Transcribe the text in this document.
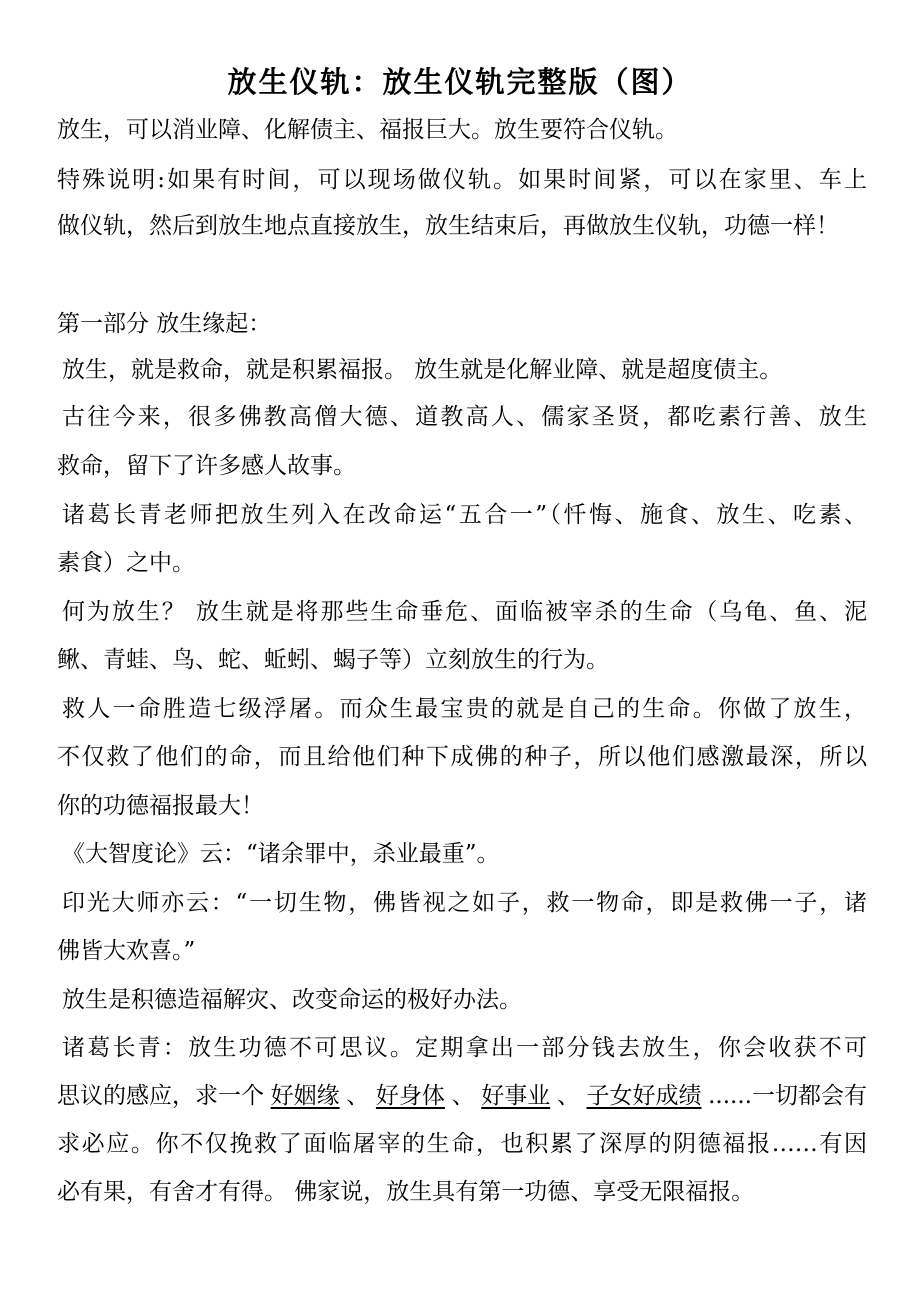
放生仪轨：放生仪轨完整版（图）
放生，可以消业障、化解债主、福报巨大。放生要符合仪轨。
特殊说明:如果有时间，可以现场做仪轨。如果时间紧，可以在家里、车上
做仪轨，然后到放生地点直接放生，放生结束后，再做放生仪轨，功德一样！
第一部分 放生缘起：
放生，就是救命，就是积累福报。 放生就是化解业障、就是超度债主。
古往今来，很多佛教高僧大德、道教高人、儒家圣贤，都吃素行善、放生
救命，留下了许多感人故事。
诸葛长青老师把放生列入在改命运“五合一”（忏悔、施食、放生、吃素、
素食）之中。
何为放生？ 放生就是将那些生命垂危、面临被宰杀的生命（乌龟、鱼、泥
鳅、青蛙、鸟、蛇、蚯蚓、蝎子等）立刻放生的行为。
救人一命胜造七级浮屠。而众生最宝贵的就是自己的生命。你做了放生，
不仅救了他们的命，而且给他们种下成佛的种子，所以他们感激最深，所以
你的功德福报最大！
《大智度论》云：“诸余罪中，杀业最重”。
印光大师亦云：“一切生物，佛皆视之如子，救一物命，即是救佛一子，诸
佛皆大欢喜。”
放生是积德造福解灾、改变命运的极好办法。
诸葛长青：放生功德不可思议。定期拿出一部分钱去放生，你会收获不可
思议的感应，求一个 好姻缘 、 好身体 、 好事业 、 子女好成绩 ......一切都会有
求必应。你不仅挽救了面临屠宰的生命，也积累了深厚的阴德福报……有因
必有果，有舍才有得。 佛家说，放生具有第一功德、享受无限福报。
